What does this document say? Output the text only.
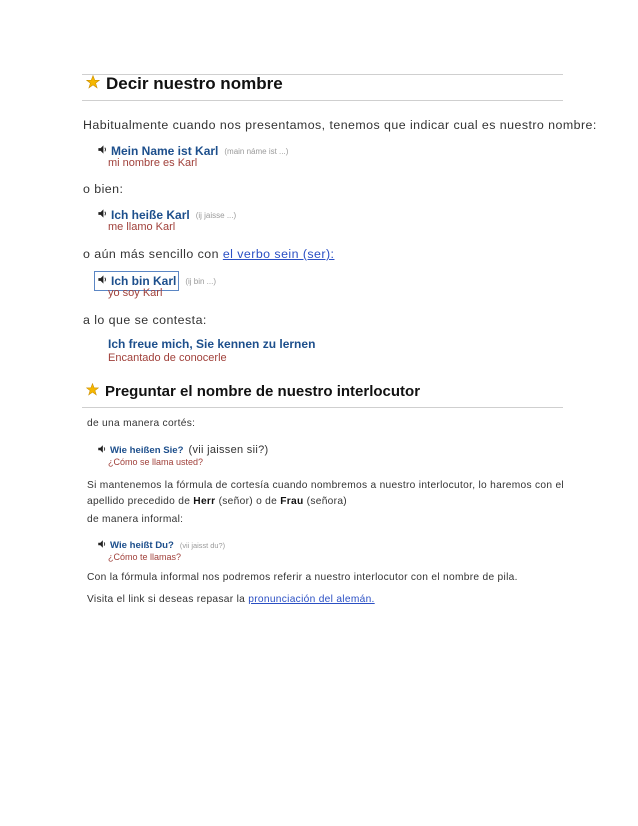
Decir nuestro nombre
Habitualmente cuando nos presentamos, tenemos que indicar cual es nuestro nombre:
Mein Name ist Karl (main náme ist ...)
mi nombre es Karl
o bien:
Ich heiße Karl (ij jaisse ...)
me llamo Karl
o aún más sencillo con el verbo sein (ser):
Ich bin Karl (ij bin ...)
yo soy Karl
a lo que se contesta:
Ich freue mich, Sie kennen zu lernen
Encantado de conocerle
Preguntar el nombre de nuestro interlocutor
de una manera cortés:
Wie heißen Sie? (vii jaissen sii?)
¿Cómo se llama usted?
Si mantenemos la fórmula de cortesía cuando nombremos a nuestro interlocutor, lo haremos con el
apellido precedido de Herr (señor) o de Frau (señora)
de manera informal:
Wie heißt Du? (vii jaisst du?)
¿Cómo te llamas?
Con la fórmula informal nos podremos referir a nuestro interlocutor con el nombre de pila.
Visita el link si deseas repasar la pronunciación del alemán.
